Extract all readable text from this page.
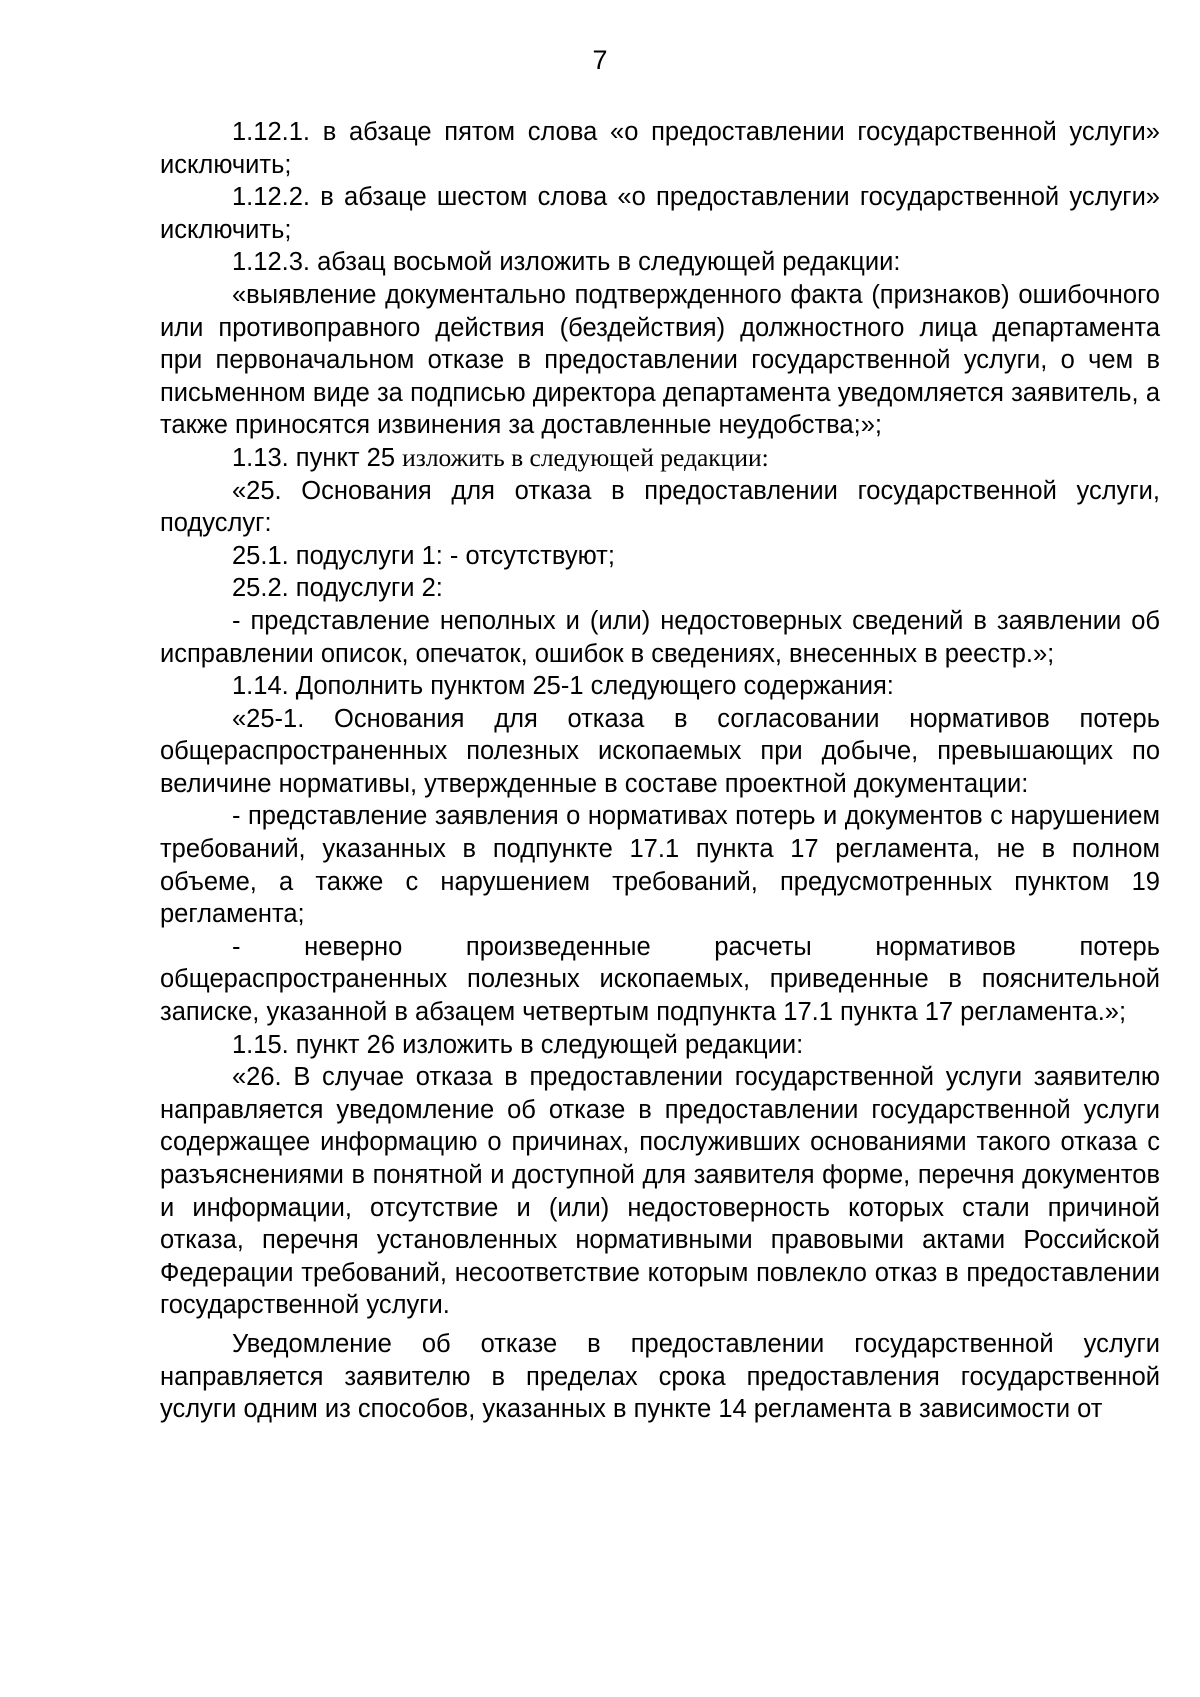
7

1.12.1. в абзаце пятом слова «о предоставлении государственной услуги» исключить;

1.12.2. в абзаце шестом слова «о предоставлении государственной услуги» исключить;

1.12.3. абзац восьмой изложить в следующей редакции:

«выявление документально подтвержденного факта (признаков) ошибочного или противоправного действия (бездействия) должностного лица департамента при первоначальном отказе в предоставлении государственной услуги, о чем в письменном виде за подписью директора департамента уведомляется заявитель, а также приносятся извинения за доставленные неудобства;»;

1.13. пункт 25 изложить в следующей редакции:

«25. Основания для отказа в предоставлении государственной услуги, подуслуг:

25.1. подуслуги 1: - отсутствуют;

25.2. подуслуги 2:

- представление неполных и (или) недостоверных сведений в заявлении об исправлении описок, опечаток, ошибок в сведениях, внесенных в реестр.»;

1.14. Дополнить пунктом 25-1 следующего содержания:

«25-1. Основания для отказа в согласовании нормативов потерь общераспространенных полезных ископаемых при добыче, превышающих по величине нормативы, утвержденные в составе проектной документации:

- представление заявления о нормативах потерь и документов с нарушением требований, указанных в подпункте 17.1 пункта 17 регламента, не в полном объеме, а также с нарушением требований, предусмотренных пунктом 19 регламента;

- неверно произведенные расчеты нормативов потерь общераспространенных полезных ископаемых, приведенные в пояснительной записке, указанной в абзацем четвертым подпункта 17.1 пункта 17 регламента.»;

1.15. пункт 26 изложить в следующей редакции:

«26. В случае отказа в предоставлении государственной услуги заявителю направляется уведомление об отказе в предоставлении государственной услуги содержащее информацию о причинах, послуживших основаниями такого отказа с разъяснениями в понятной и доступной для заявителя форме, перечня документов и информации, отсутствие и (или) недостоверность которых стали причиной отказа, перечня установленных нормативными правовыми актами Российской Федерации требований, несоответствие которым повлекло отказ в предоставлении государственной услуги.

Уведомление об отказе в предоставлении государственной услуги направляется заявителю в пределах срока предоставления государственной услуги одним из способов, указанных в пункте 14 регламента в зависимости от
